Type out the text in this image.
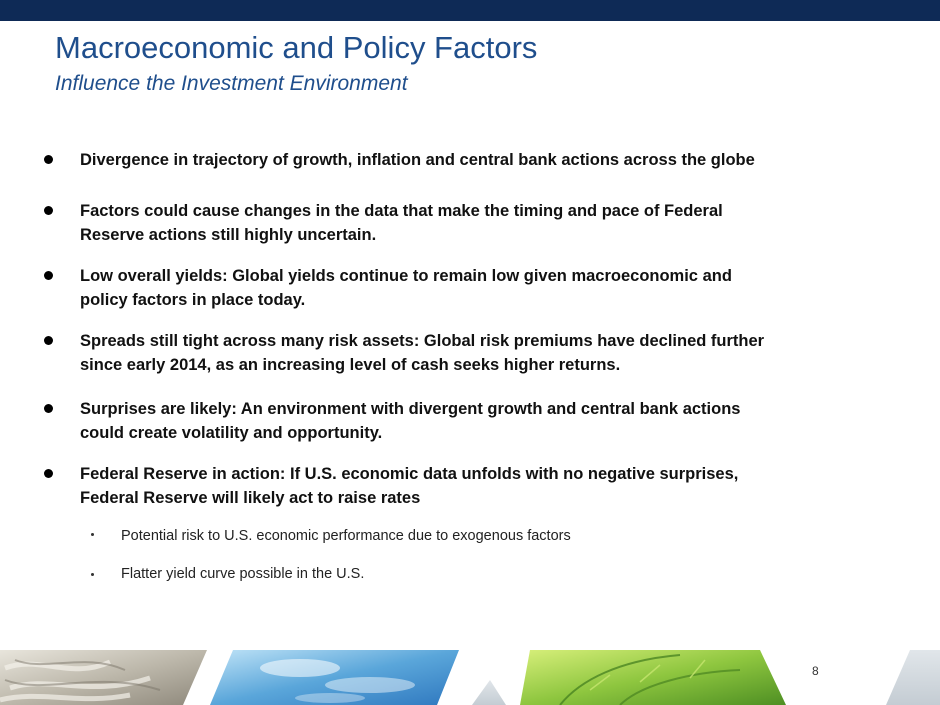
Macroeconomic and Policy Factors
Influence the Investment Environment
Divergence in trajectory of growth, inflation and central bank actions across the globe
Factors could cause changes in the data that make the timing and pace of Federal
Reserve actions still highly uncertain.
Low overall yields: Global yields continue to remain low given macroeconomic and
policy factors in place today.
Spreads still tight across many risk assets: Global risk premiums have declined further
since early 2014, as an increasing level of cash seeks higher returns.
Surprises are likely: An environment with divergent growth and central bank actions
could create volatility and opportunity.
Federal Reserve in action: If U.S. economic data unfolds with no negative surprises,
Federal Reserve will likely act to raise rates
Potential risk to U.S. economic performance due to exogenous factors
Flatter yield curve possible in the U.S.
8
